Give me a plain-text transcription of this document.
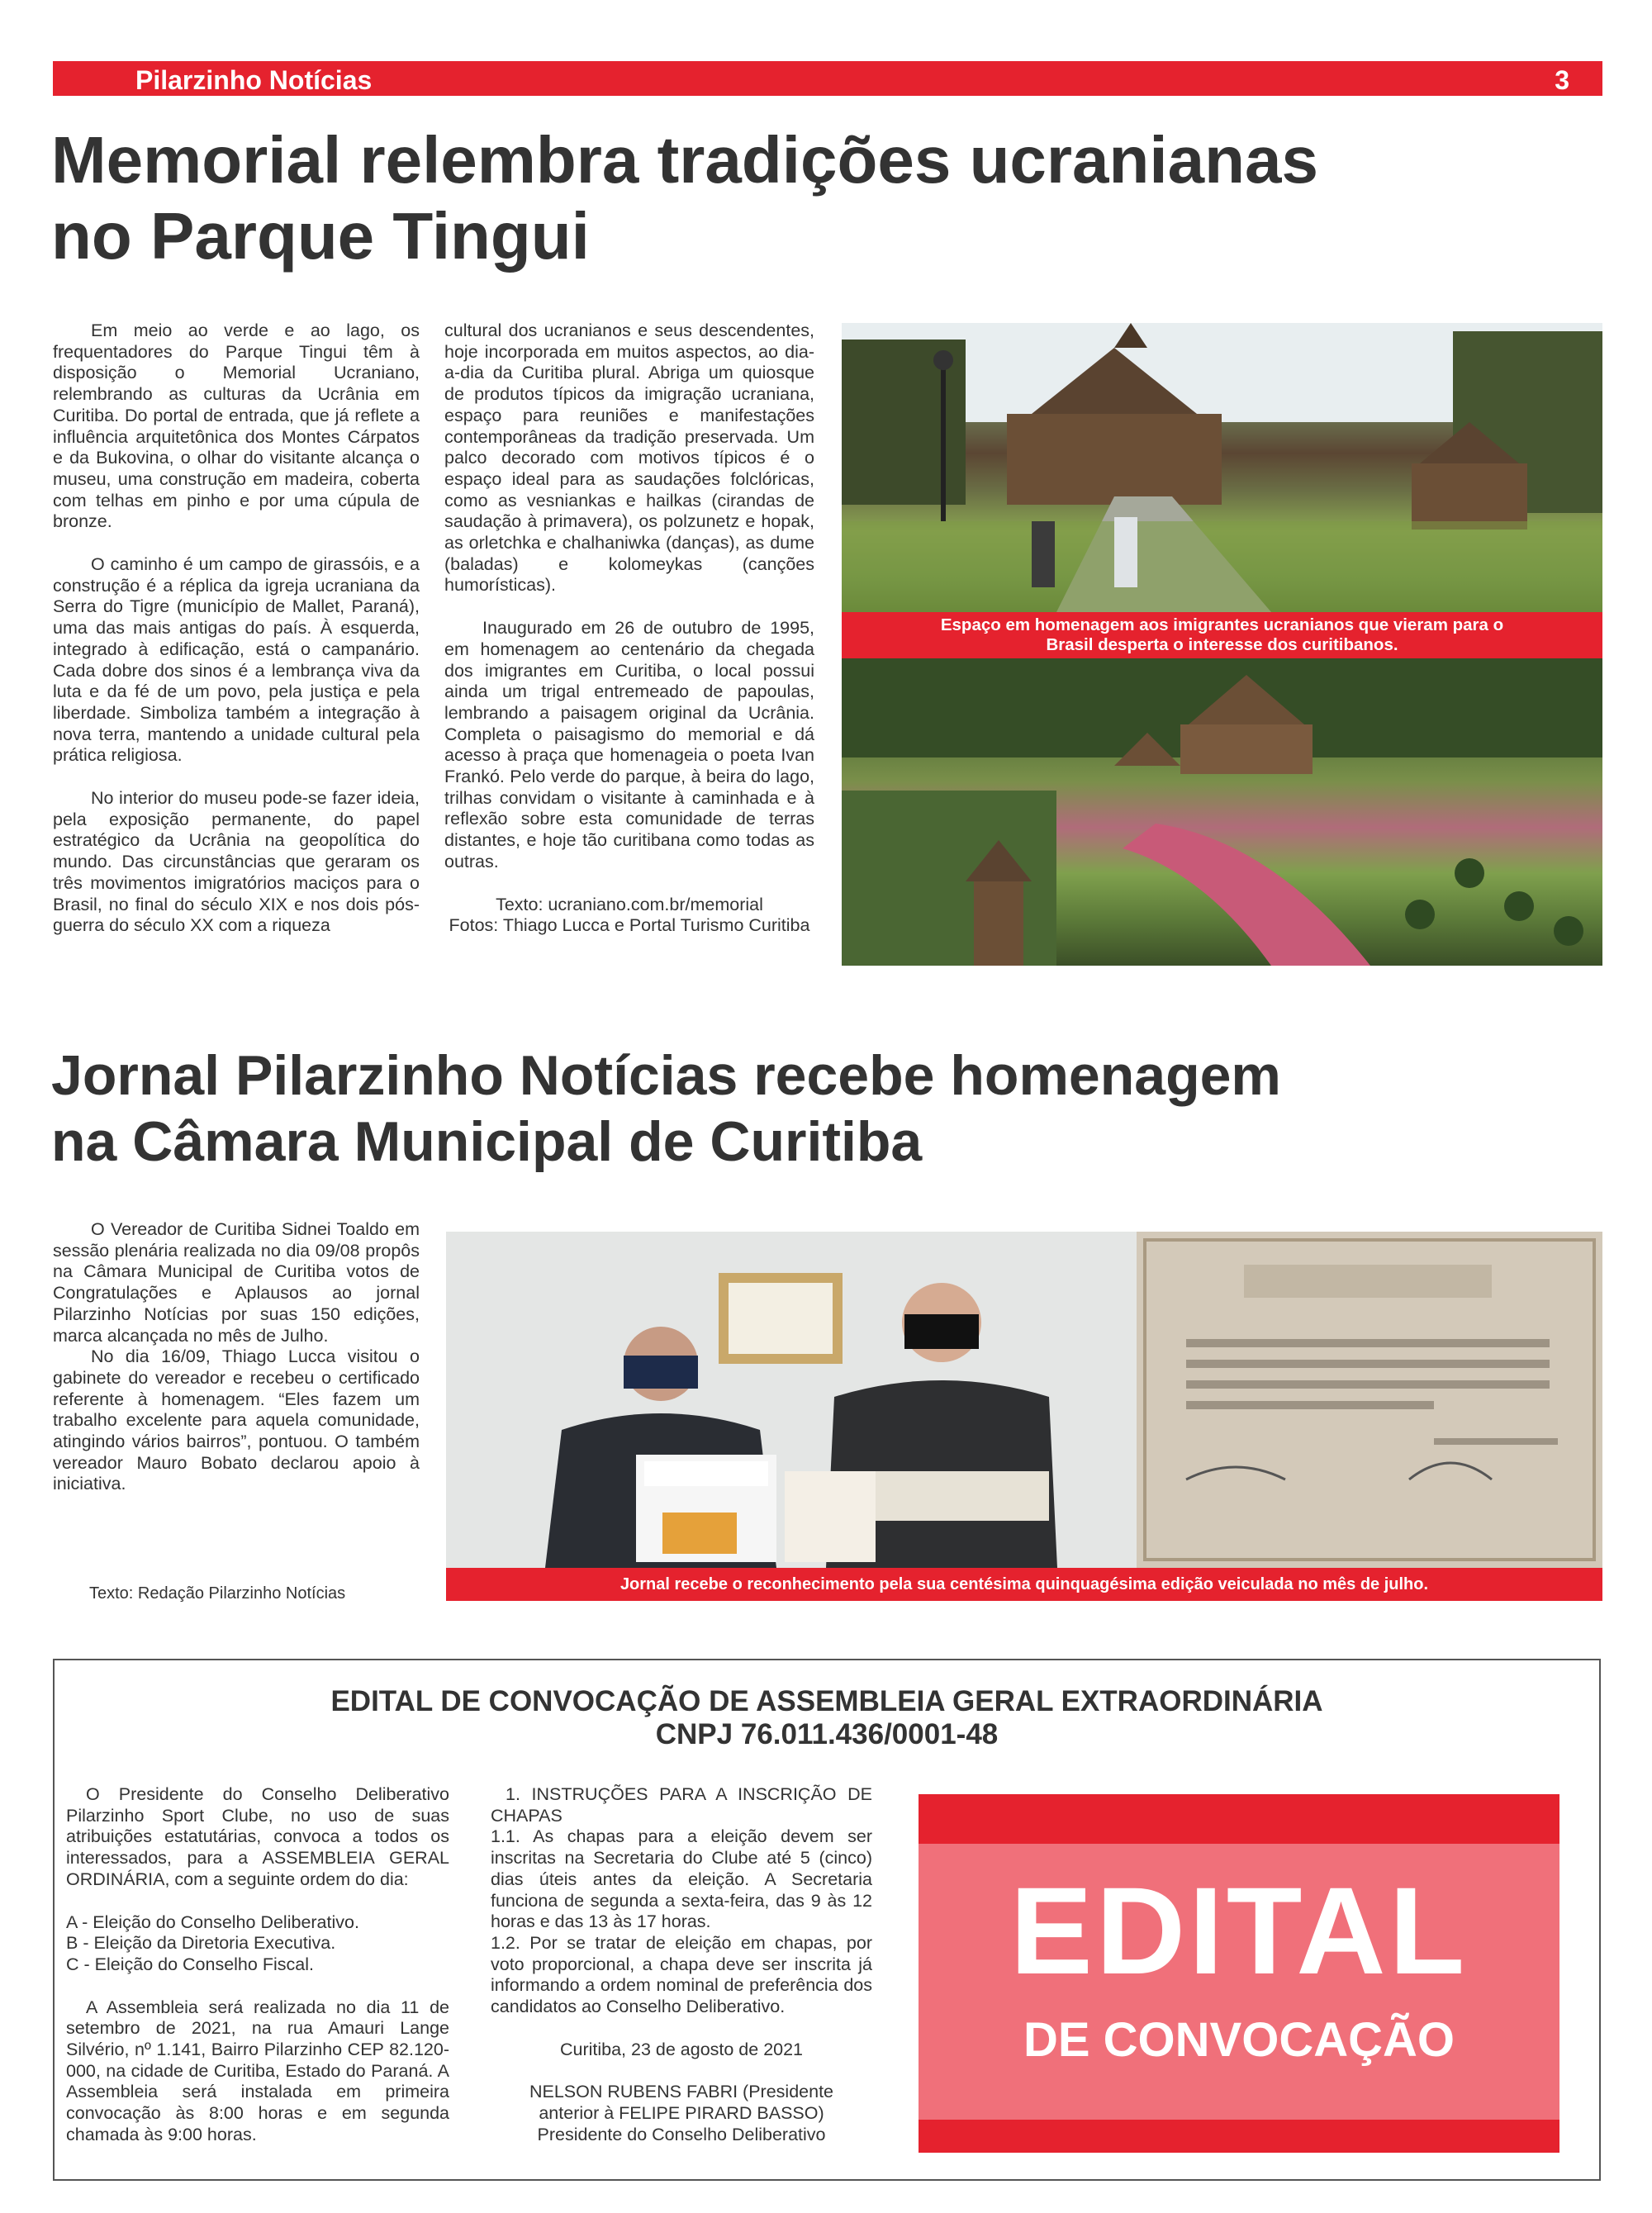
Pilarzinho Notícias	3
Memorial relembra tradições ucranianas
no Parque Tingui

Em meio ao verde e ao lago, os frequentadores do Parque Tingui têm à disposição o Memorial Ucraniano, relembrando as culturas da Ucrânia em Curitiba. Do portal de entrada, que já reflete a influência arquitetônica dos Montes Cárpatos e da Bukovina, o olhar do visitante alcança o museu, uma construção em madeira, coberta com telhas em pinho e por uma cúpula de bronze.

O caminho é um campo de girassóis, e a construção é a réplica da igreja ucraniana da Serra do Tigre (município de Mallet, Paraná), uma das mais antigas do país. À esquerda, integrado à edificação, está o campanário. Cada dobre dos sinos é a lembrança viva da luta e da fé de um povo, pela justiça e pela liberdade. Simboliza também a integração à nova terra, mantendo a unidade cultural pela prática religiosa.

No interior do museu pode-se fazer ideia, pela exposição permanente, do papel estratégico da Ucrânia na geopolítica do mundo. Das circunstâncias que geraram os três movimentos imigratórios maciços para o Brasil, no final do século XIX e nos dois pós-guerra do século XX com a riqueza

cultural dos ucranianos e seus descendentes, hoje incorporada em muitos aspectos, ao dia-a-dia da Curitiba plural. Abriga um quiosque de produtos típicos da imigração ucraniana, espaço para reuniões e manifestações contemporâneas da tradição preservada. Um palco decorado com motivos típicos é o espaço ideal para as saudações folclóricas, como as vesniankas e hailkas (cirandas de saudação à primavera), os polzunetz e hopak, as orletchka e chalhaniwka (danças), as dume (baladas) e kolomeykas (canções humorísticas).

Inaugurado em 26 de outubro de 1995, em homenagem ao centenário da chegada dos imigrantes em Curitiba, o local possui ainda um trigal entremeado de papoulas, lembrando a paisagem original da Ucrânia. Completa o paisagismo do memorial e dá acesso à praça que homenageia o poeta Ivan Frankó. Pelo verde do parque, à beira do lago, trilhas convidam o visitante à caminhada e à reflexão sobre esta comunidade de terras distantes, e hoje tão curitibana como todas as outras.

Texto: ucraniano.com.br/memorial
Fotos: Thiago Lucca e Portal Turismo Curitiba
Espaço em homenagem aos imigrantes ucranianos que vieram para o
Brasil desperta o interesse dos curitibanos.
Jornal Pilarzinho Notícias recebe homenagem
na Câmara Municipal de Curitiba

O Vereador de Curitiba Sidnei Toaldo em sessão plenária realizada no dia 09/08 propôs na Câmara Municipal de Curitiba votos de Congratulações e Aplausos ao jornal Pilarzinho Notícias por suas 150 edições, marca alcançada no mês de Julho.

No dia 16/09, Thiago Lucca visitou o gabinete do vereador e recebeu o certificado referente à homenagem. “Eles fazem um trabalho excelente para aquela comunidade, atingindo vários bairros”, pontuou. O também vereador Mauro Bobato declarou apoio à iniciativa.

Texto: Redação Pilarzinho Notícias	Jornal recebe o reconhecimento pela sua centésima quinquagésima edição veiculada no mês de julho.
EDITAL DE CONVOCAÇÃO DE ASSEMBLEIA GERAL EXTRAORDINÁRIA
CNPJ 76.011.436/0001-48

O Presidente do Conselho Deliberativo Pilarzinho Sport Clube, no uso de suas atribuições estatutárias, convoca a todos os interessados, para a ASSEMBLEIA GERAL ORDINÁRIA, com a seguinte ordem do dia:

A - Eleição do Conselho Deliberativo.

B - Eleição da Diretoria Executiva.

C - Eleição do Conselho Fiscal.

A Assembleia será realizada no dia 11 de setembro de 2021, na rua Amauri Lange Silvério, nº 1.141, Bairro Pilarzinho CEP 82.120-000, na cidade de Curitiba, Estado do Paraná. A Assembleia será instalada em primeira convocação às 8:00 horas e em segunda chamada às 9:00 horas.

1. INSTRUÇÕES PARA A INSCRIÇÃO DE CHAPAS

1.1. As chapas para a eleição devem ser inscritas na Secretaria do Clube até 5 (cinco) dias úteis antes da eleição. A Secretaria funciona de segunda a sexta-feira, das 9 às 12 horas e das 13 às 17 horas.

1.2. Por se tratar de eleição em chapas, por voto proporcional, a chapa deve ser inscrita já informando a ordem nominal de preferência dos candidatos ao Conselho Deliberativo.

Curitiba, 23 de agosto de 2021

NELSON RUBENS FABRI (Presidente

anterior à FELIPE PIRARD BASSO)

Presidente do Conselho Deliberativo

EDITAL
DE CONVOCAÇÃO
